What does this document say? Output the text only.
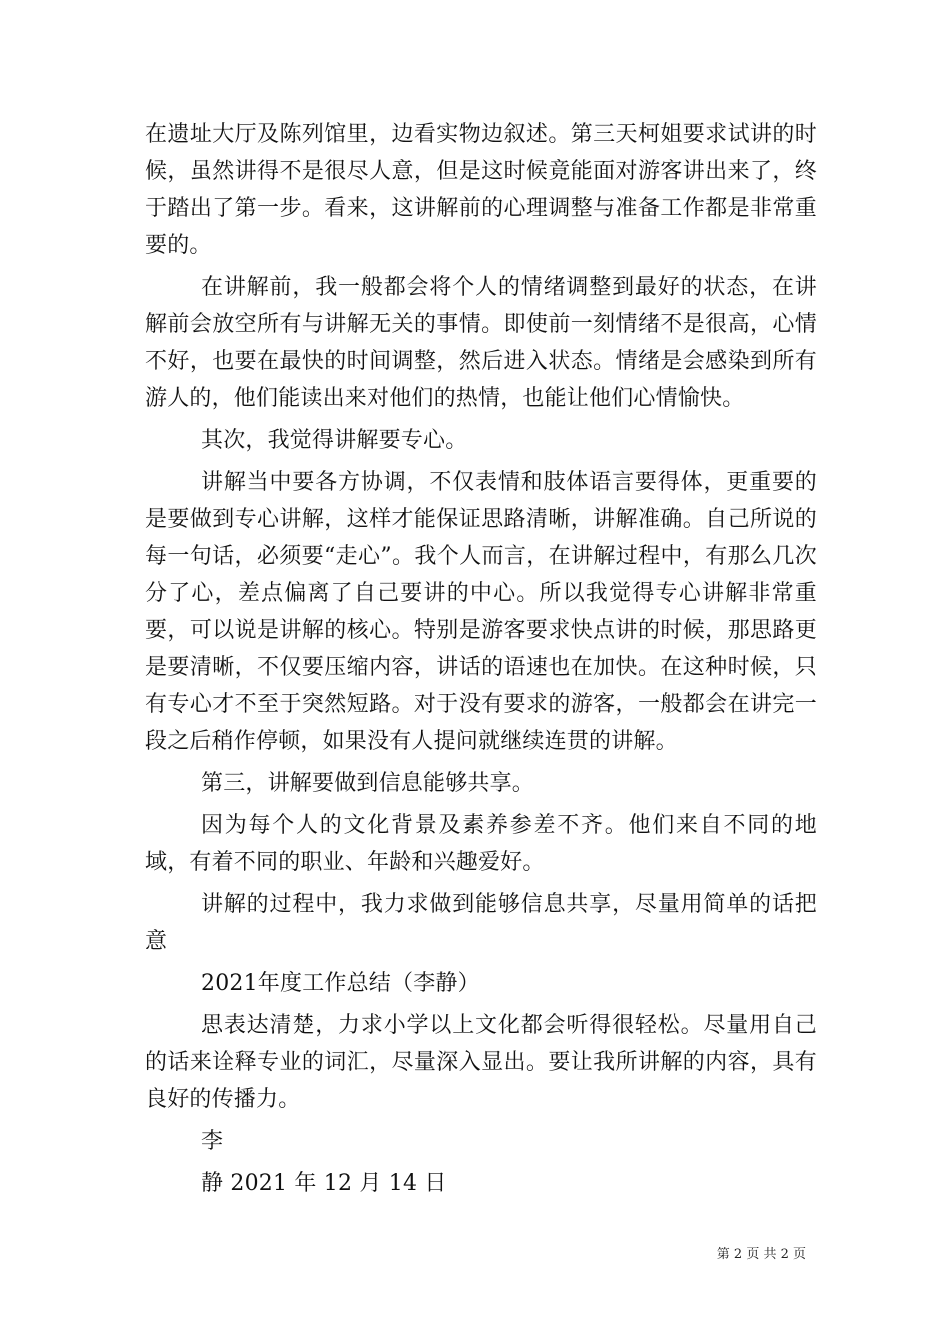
在遗址大厅及陈列馆里，边看实物边叙述。第三天柯姐要求试讲的时候，虽然讲得不是很尽人意，但是这时候竟能面对游客讲出来了，终于踏出了第一步。看来，这讲解前的心理调整与准备工作都是非常重要的。

在讲解前，我一般都会将个人的情绪调整到最好的状态，在讲解前会放空所有与讲解无关的事情。即使前一刻情绪不是很高，心情不好，也要在最快的时间调整，然后进入状态。情绪是会感染到所有游人的，他们能读出来对他们的热情，也能让他们心情愉快。

其次，我觉得讲解要专心。

讲解当中要各方协调，不仅表情和肢体语言要得体，更重要的是要做到专心讲解，这样才能保证思路清晰，讲解准确。自己所说的每一句话，必须要“走心”。我个人而言，在讲解过程中，有那么几次分了心，差点偏离了自己要讲的中心。所以我觉得专心讲解非常重要，可以说是讲解的核心。特别是游客要求快点讲的时候，那思路更是要清晰，不仅要压缩内容，讲话的语速也在加快。在这种时候，只有专心才不至于突然短路。对于没有要求的游客，一般都会在讲完一段之后稍作停顿，如果没有人提问就继续连贯的讲解。

第三，讲解要做到信息能够共享。

因为每个人的文化背景及素养参差不齐。他们来自不同的地域，有着不同的职业、年龄和兴趣爱好。

讲解的过程中，我力求做到能够信息共享，尽量用简单的话把意

2021年度工作总结（李静）

思表达清楚，力求小学以上文化都会听得很轻松。尽量用自己的话来诠释专业的词汇，尽量深入显出。要让我所讲解的内容，具有良好的传播力。

李

静 2021 年 12 月 14 日

第 2 页 共 2 页
